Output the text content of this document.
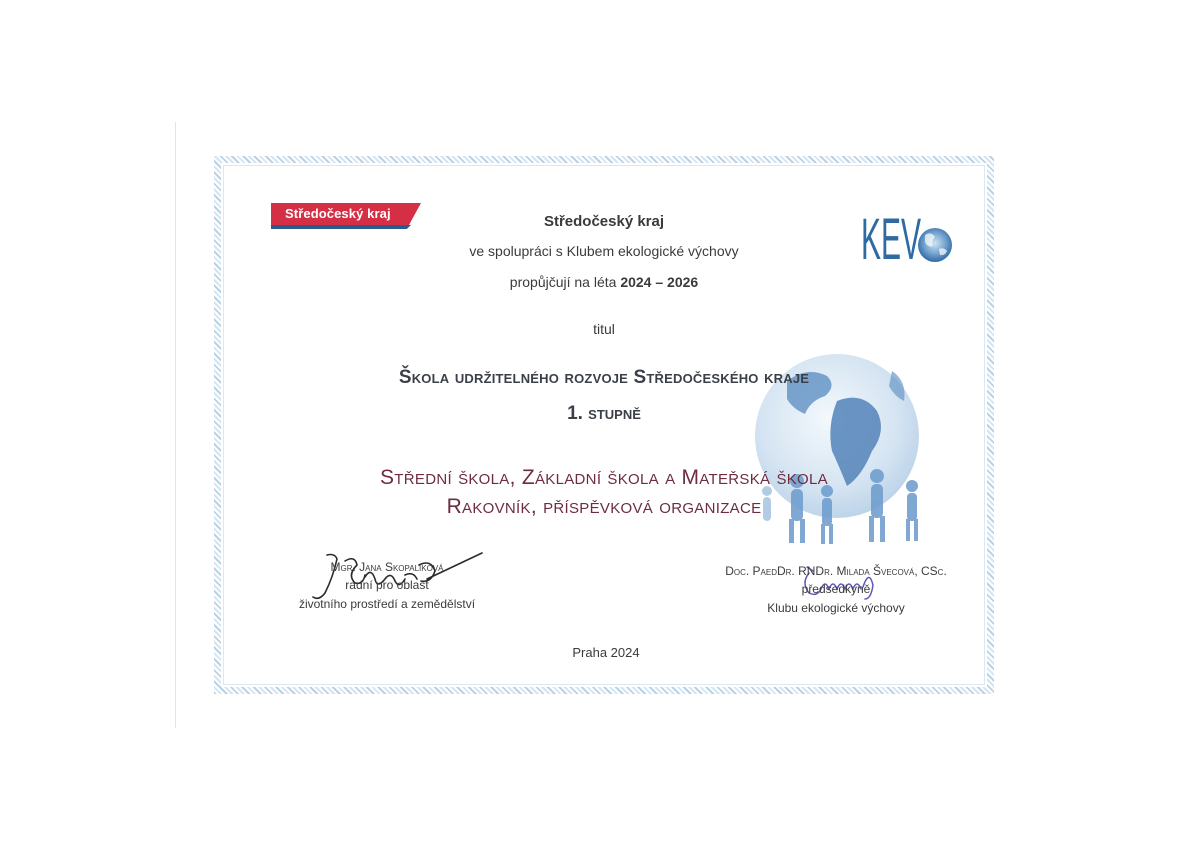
Středočeský kraj	KEV
Středočeský kraj
ve spolupráci s Klubem ekologické výchovy
propůjčují na léta 2024 – 2026
titul
Škola udržitelného rozvoje Středočeského kraje
1. stupně
Střední škola, Základní škola a Mateřská škola
Rakovník, příspěvková organizace
Mgr. Jana Skopalíková
radní pro oblast
životního prostředí a zemědělství
Praha 2024
Doc. PaedDr. RNDr. Milada Švecová, CSc.
předsedkyně
Klubu ekologické výchovy
